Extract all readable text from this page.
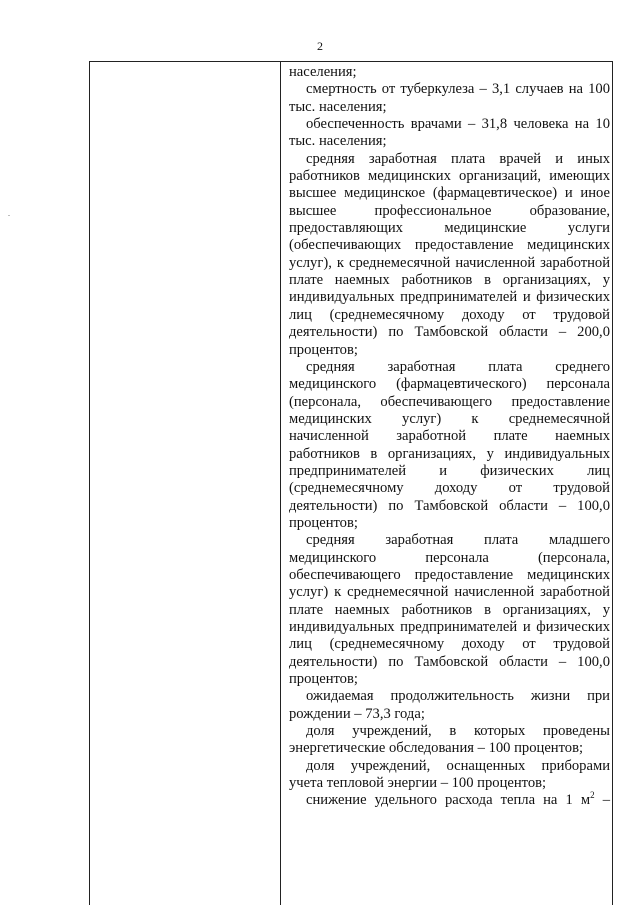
2
.

населения;

смертность от туберкулеза – 3,1 случаев на 100 тыс. населения;

обеспеченность врачами – 31,8 человека на 10 тыс. населения;

средняя заработная плата врачей и иных работников медицинских организаций, имеющих высшее медицинское (фармацевтическое) и иное высшее профессиональное образование, предоставляющих медицинские услуги (обеспечивающих предоставление медицинских услуг), к среднемесячной начисленной заработной плате наемных работников в организациях, у индивидуальных предпринимателей и физических лиц (среднемесячному доходу от трудовой деятельности) по Тамбовской области – 200,0 процентов;

средняя заработная плата среднего медицинского (фармацевтического) персонала (персонала, обеспечивающего предоставление медицинских услуг) к среднемесячной начисленной заработной плате наемных работников в организациях, у индивидуальных предпринимателей и физических лиц (среднемесячному доходу от трудовой деятельности) по Тамбовской области – 100,0 процентов;

средняя заработная плата младшего медицинского персонала (персонала, обеспечивающего предоставление медицинских услуг) к среднемесячной начисленной заработной плате наемных работников в организациях, у индивидуальных предпринимателей и физических лиц (среднемесячному доходу от трудовой деятельности) по Тамбовской области – 100,0 процентов;

ожидаемая продолжительность жизни при рождении – 73,3 года;

доля учреждений, в которых проведены энергетические обследования – 100 процентов;

доля учреждений, оснащенных приборами учета тепловой энергии – 100 процентов;

снижение удельного расхода тепла на 1 $м^2$ –
